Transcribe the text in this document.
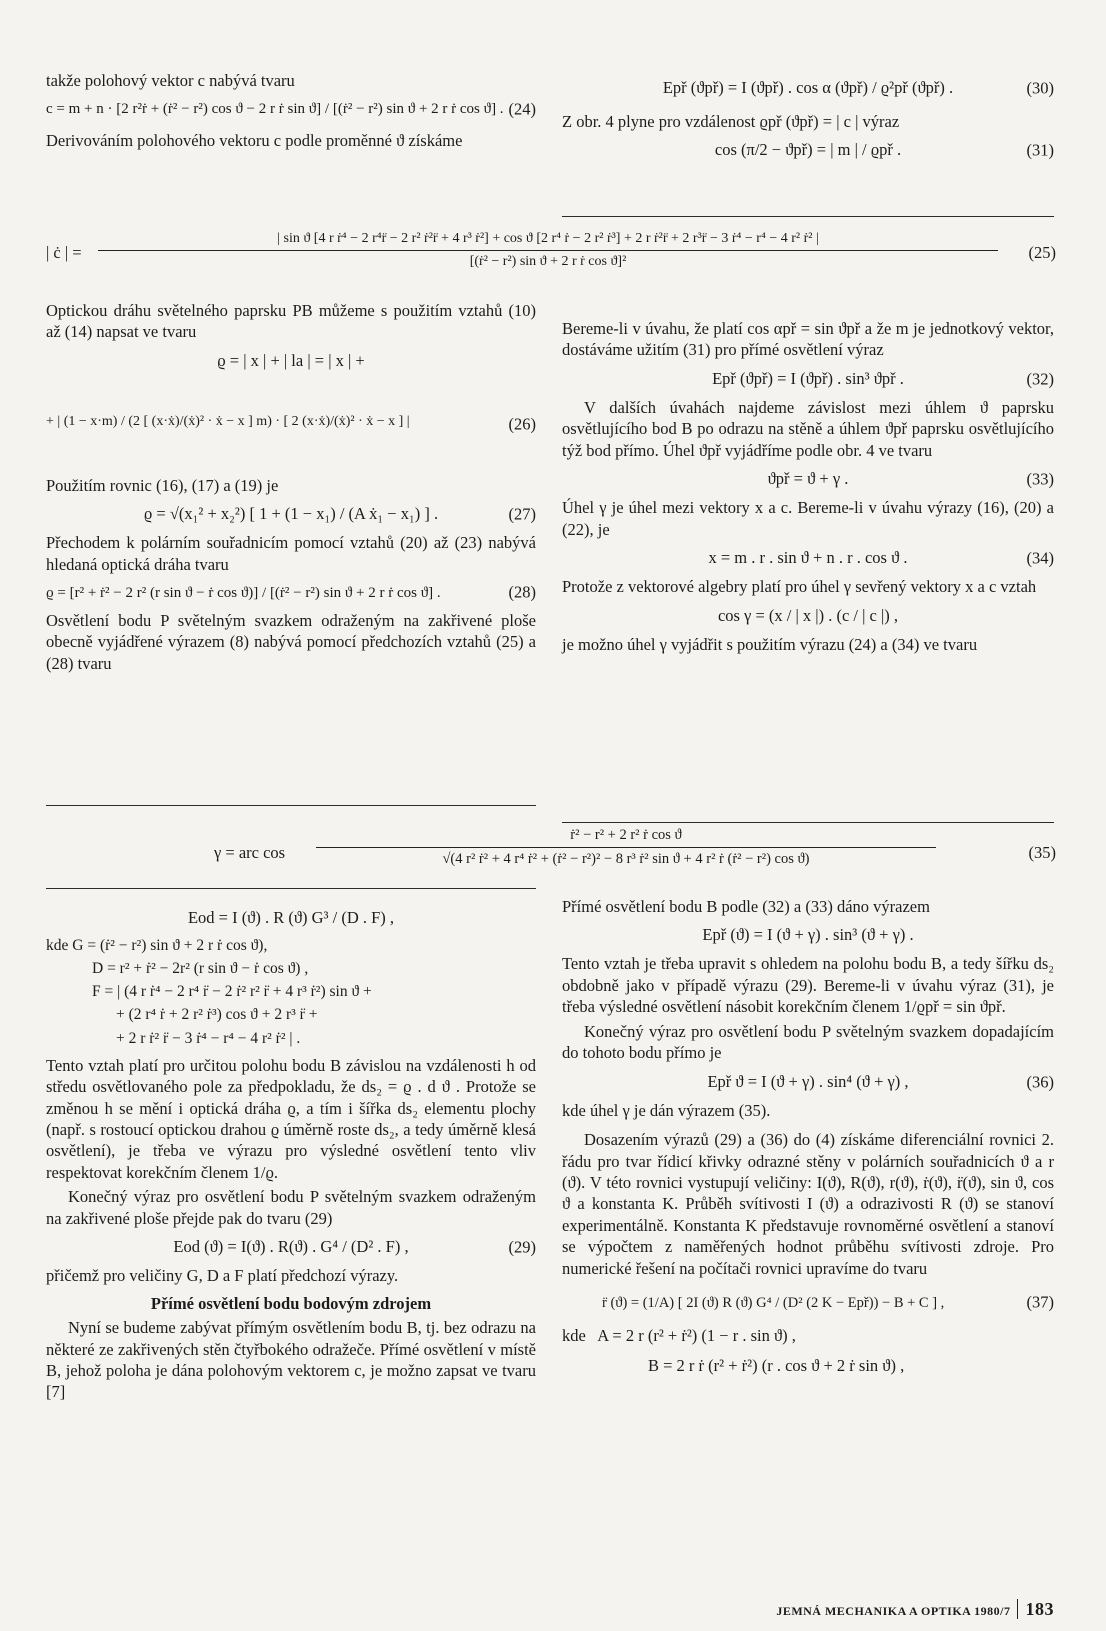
takže polohový vektor c nabývá tvaru

c = m + n · [2 r²ṙ + (ṙ² − r²) cos ϑ − 2 r ṙ sin ϑ] / [(ṙ² − r²) sin ϑ + 2 r ṙ cos ϑ] . (24)

Derivováním polohového vektoru c podle proměnné ϑ získáme

Epř (ϑpř) = I (ϑpř) . cos α (ϑpř) / ϱ²př (ϑpř) .	(30)

Z obr. 4 plyne pro vzdálenost ϱpř (ϑpř) = | c | výraz

cos (π/2 − ϑpř) = | m | / ϱpř .	(31)
| ċ | =
| sin ϑ [4 r ṙ⁴ − 2 r⁴r̈ − 2 r² ṙ²r̈ + 4 r³ ṙ²] + cos ϑ [2 r⁴ ṙ − 2 r² ṙ³] + 2 r ṙ²r̈ + 2 r³r̈ − 3 ṙ⁴ − r⁴ − 4 r² ṙ² |
[(ṙ² − r²) sin ϑ + 2 r ṙ cos ϑ]²	(25)

Optickou dráhu světelného paprsku PB můžeme s použitím vztahů (10) až (14) napsat ve tvaru

ϱ = | x | + | la | = | x | +
+ | (1 − x·m) / (2 [ (x·ẋ)/(ẋ)² · ẋ − x ] m) · [ 2 (x·ẋ)/(ẋ)² · ẋ − x ] |	(26)

Použitím rovnic (16), (17) a (19) je

ϱ = √(x₁² + x₂²) [ 1 + (1 − x₁) / (A ẋ₁ − x₁) ] .	(27)

Přechodem k polárním souřadnicím pomocí vztahů (20) až (23) nabývá hledaná optická dráha tvaru

ϱ = [r² + ṙ² − 2 r² (r sin ϑ − ṙ cos ϑ)] / [(ṙ² − r²) sin ϑ + 2 r ṙ cos ϑ] .	(28)

Osvětlení bodu P světelným svazkem odraženým na zakřivené ploše obecně vyjádřené výrazem (8) nabývá pomocí předchozích vztahů (25) a (28) tvaru

Bereme-li v úvahu, že platí cos αpř = sin ϑpř a že m je jednotkový vektor, dostáváme užitím (31) pro přímé osvětlení výraz

Epř (ϑpř) = I (ϑpř) . sin³ ϑpř .	(32)

V dalších úvahách najdeme závislost mezi úhlem ϑ paprsku osvětlujícího bod B po odrazu na stěně a úhlem ϑpř paprsku osvětlujícího týž bod přímo. Úhel ϑpř vyjádříme podle obr. 4 ve tvaru

ϑpř = ϑ + γ .	(33)

Úhel γ je úhel mezi vektory x a c. Bereme-li v úvahu výrazy (16), (20) a (22), je

x = m . r . sin ϑ + n . r . cos ϑ .	(34)

Protože z vektorové algebry platí pro úhel γ sevřený vektory x a c vztah

cos γ = (x / | x |) . (c / | c |) ,

je možno úhel γ vyjádřit s použitím výrazu (24) a (34) ve tvaru

γ = arc cos
ṙ² − r² + 2 r² ṙ cos ϑ
√(4 r² ṙ² + 4 r⁴ ṙ² + (ṙ² − r²)² − 8 r³ ṙ² sin ϑ + 4 r² ṙ (ṙ² − r²) cos ϑ)	(35)
Eod = I (ϑ) . R (ϑ) G³ / (D . F) ,

kde G = (ṙ² − r²) sin ϑ + 2 r ṙ cos ϑ),

D = r² + ṙ² − 2r² (r sin ϑ − ṙ cos ϑ) ,

F = | (4 r ṙ⁴ − 2 r⁴ r̈ − 2 ṙ² r² r̈ + 4 r³ ṙ²) sin ϑ +

+ (2 r⁴ ṙ + 2 r² ṙ³) cos ϑ + 2 r³ r̈ +

+ 2 r ṙ² r̈ − 3 ṙ⁴ − r⁴ − 4 r² ṙ² | .

Tento vztah platí pro určitou polohu bodu B závislou na vzdálenosti h od středu osvětlovaného pole za předpokladu, že ds₂ = ϱ . d ϑ . Protože se změnou h se mění i optická dráha ϱ, a tím i šířka ds₂ elementu plochy (např. s rostoucí optickou drahou ϱ úměrně roste ds₂, a tedy úměrně klesá osvětlení), je třeba ve výrazu pro výsledné osvětlení tento vliv respektovat korekčním členem 1/ϱ.

Konečný výraz pro osvětlení bodu P světelným svazkem odraženým na zakřivené ploše přejde pak do tvaru (29)

Eod (ϑ) = I(ϑ) . R(ϑ) . G⁴ / (D² . F) ,	(29)

přičemž pro veličiny G, D a F platí předchozí výrazy.

Přímé osvětlení bodu bodovým zdrojem

Nyní se budeme zabývat přímým osvětlením bodu B, tj. bez odrazu na některé ze zakřivených stěn čtyřbokého odražeče. Přímé osvětlení v místě B, jehož poloha je dána polohovým vektorem c, je možno zapsat ve tvaru [7]

Přímé osvětlení bodu B podle (32) a (33) dáno výrazem

Epř (ϑ) = I (ϑ + γ) . sin³ (ϑ + γ) .

Tento vztah je třeba upravit s ohledem na polohu bodu B, a tedy šířku ds₂ obdobně jako v případě výrazu (29). Bereme-li v úvahu výraz (31), je třeba výsledné osvětlení násobit korekčním členem 1/ϱpř = sin ϑpř.

Konečný výraz pro osvětlení bodu P světelným svazkem dopadajícím do tohoto bodu přímo je

Epř ϑ = I (ϑ + γ) . sin⁴ (ϑ + γ) ,	(36)

kde úhel γ je dán výrazem (35).

Dosazením výrazů (29) a (36) do (4) získáme diferenciální rovnici 2. řádu pro tvar řídicí křivky odrazné stěny v polárních souřadnicích ϑ a r (ϑ). V této rovnici vystupují veličiny: I(ϑ), R(ϑ), r(ϑ), ṙ(ϑ), r̈(ϑ), sin ϑ, cos ϑ a konstanta K. Průběh svítivosti I (ϑ) a odrazivosti R (ϑ) se stanoví experimentálně. Konstanta K představuje rovnoměrné osvětlení a stanoví se výpočtem z naměřených hodnot průběhu svítivosti zdroje. Pro numerické řešení na počítači rovnici upravíme do tvaru

r̈ (ϑ) = (1/A) [ 2I (ϑ) R (ϑ) G⁴ / (D² (2 K − Epř)) − B + C ] ,	(37)

kde   A = 2 r (r² + ṙ²) (1 − r . sin ϑ) ,

B = 2 r ṙ (r² + ṙ²) (r . cos ϑ + 2 ṙ sin ϑ) ,

JEMNÁ MECHANIKA A OPTIKA 1980/7 183
